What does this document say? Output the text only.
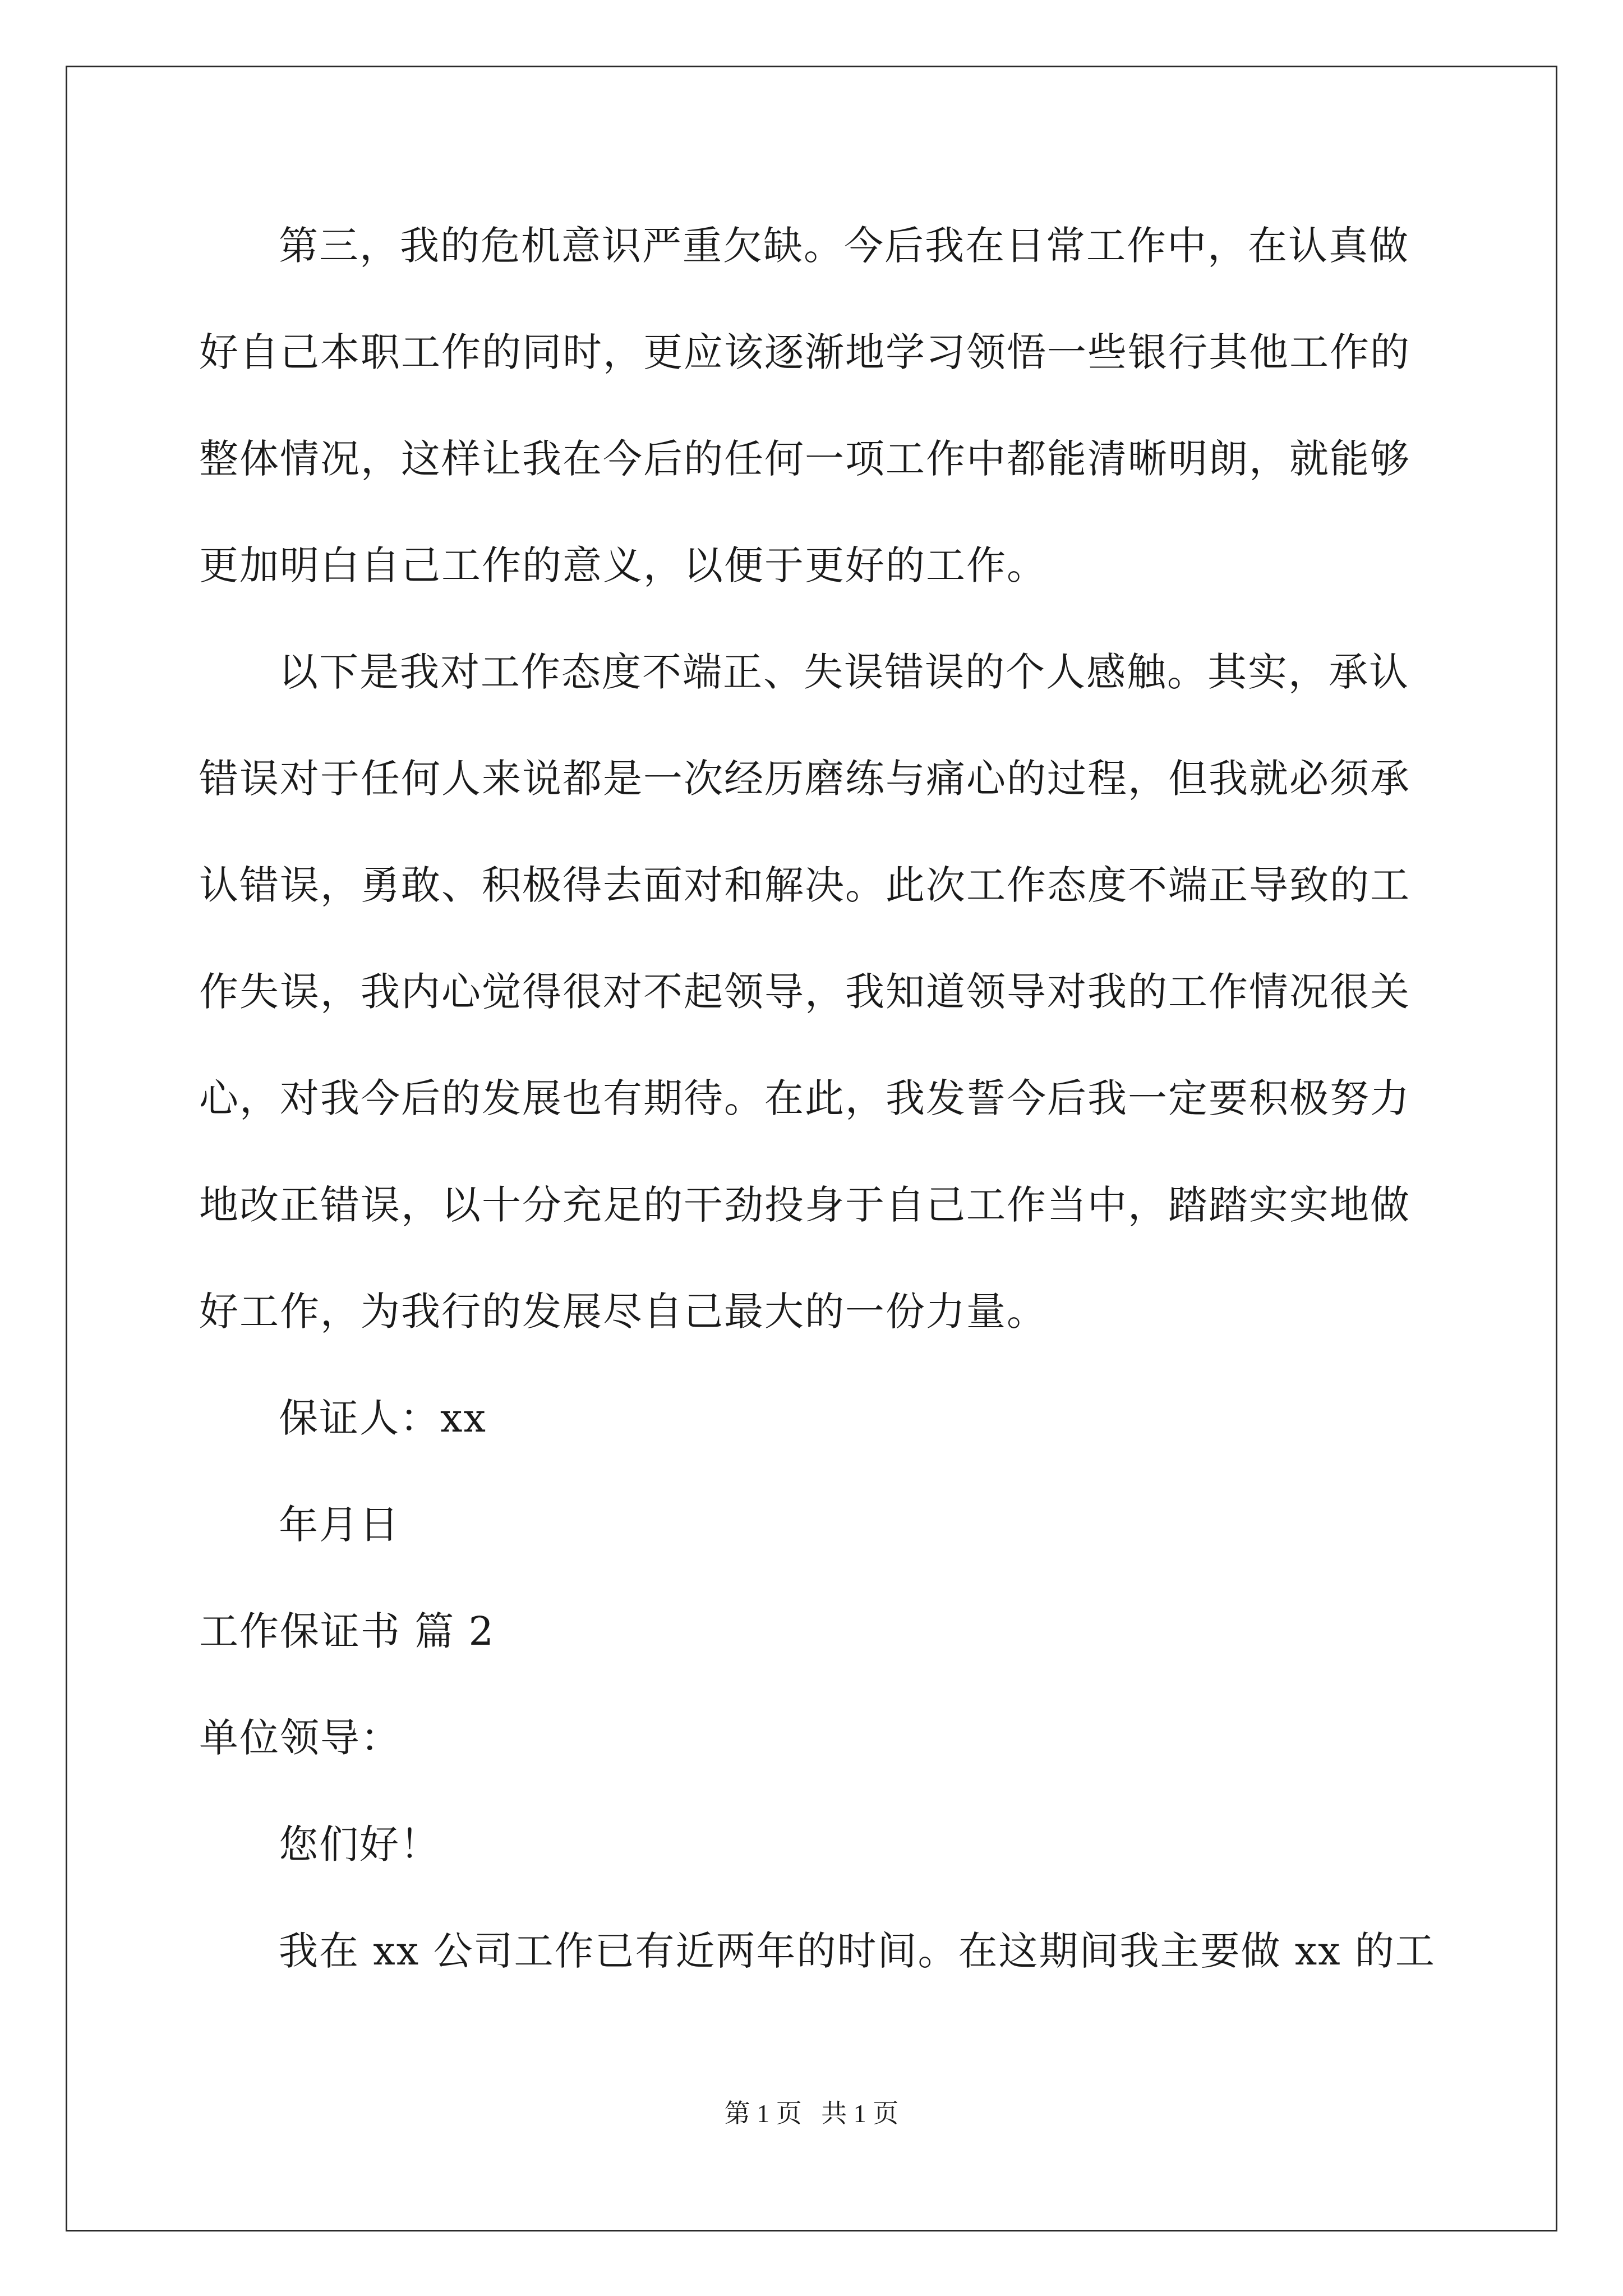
第三，我的危机意识严重欠缺。今后我在日常工作中，在认真做
好自己本职工作的同时，更应该逐渐地学习领悟一些银行其他工作的
整体情况，这样让我在今后的任何一项工作中都能清晰明朗，就能够
更加明白自己工作的意义，以便于更好的工作。
以下是我对工作态度不端正、失误错误的个人感触。其实，承认
错误对于任何人来说都是一次经历磨练与痛心的过程，但我就必须承
认错误，勇敢、积极得去面对和解决。此次工作态度不端正导致的工
作失误，我内心觉得很对不起领导，我知道领导对我的工作情况很关
心，对我今后的发展也有期待。在此，我发誓今后我一定要积极努力
地改正错误，以十分充足的干劲投身于自己工作当中，踏踏实实地做
好工作，为我行的发展尽自己最大的一份力量。
保证人：xx
年月日
工作保证书 篇 2
单位领导：
您们好！
我在 xx 公司工作已有近两年的时间。在这期间我主要做 xx 的工
第 1 页   共 1 页
